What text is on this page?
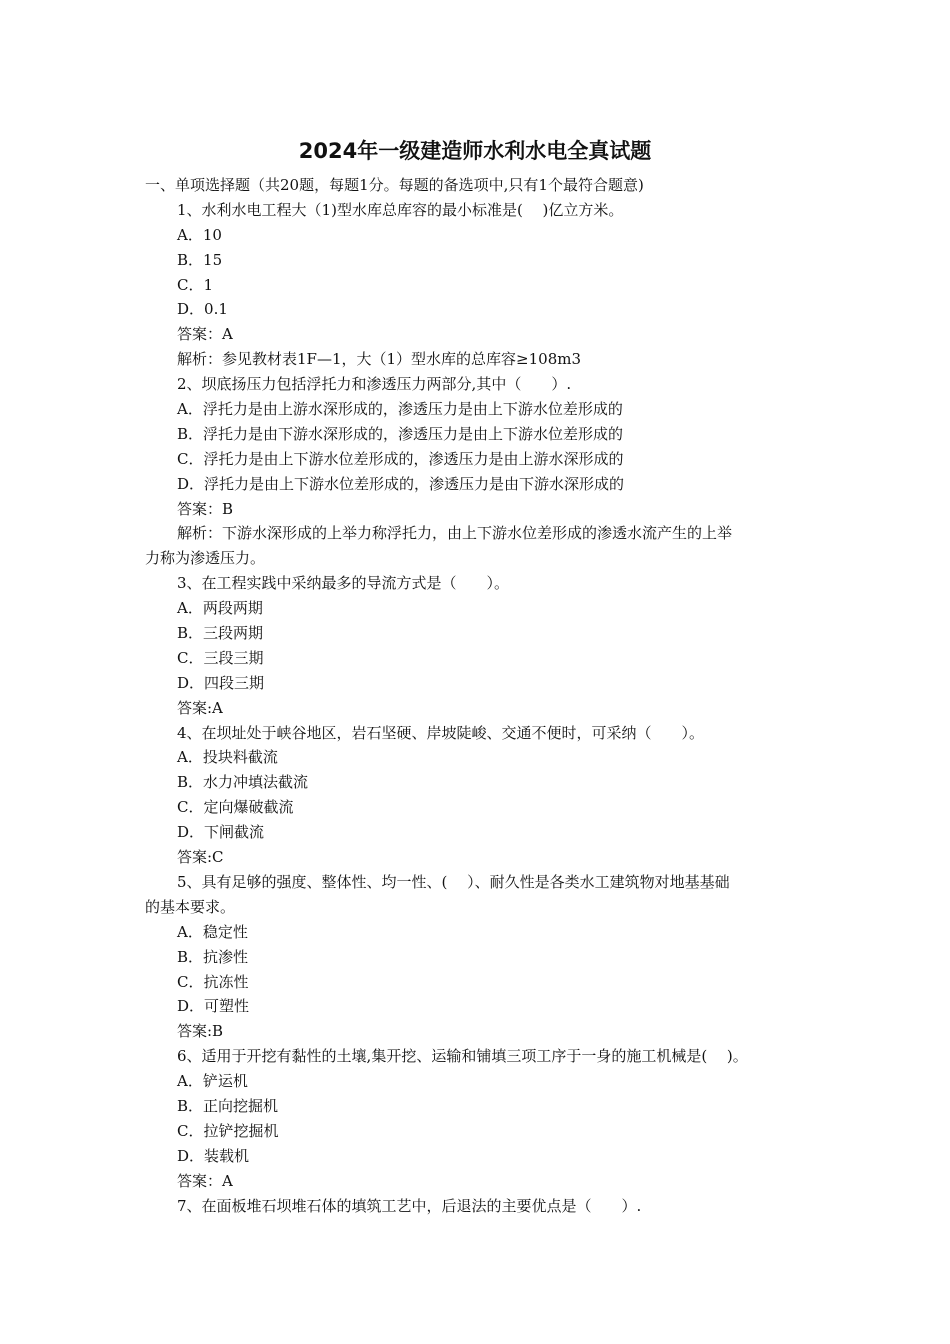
2024年一级建造师水利水电全真试题
一、单项选择题（共20题，每题1分。每题的备选项中,只有1个最符合题意)
1、水利水电工程大（1)型水库总库容的最小标准是(　 )亿立方米。
A．10
B．15
C．1
D．0.1
答案：A
解析：参见教材表1F—1，大（1）型水库的总库容≥108m3
2、坝底扬压力包括浮托力和渗透压力两部分,其中（　　）.
A．浮托力是由上游水深形成的，渗透压力是由上下游水位差形成的
B．浮托力是由下游水深形成的，渗透压力是由上下游水位差形成的
C．浮托力是由上下游水位差形成的，渗透压力是由上游水深形成的
D．浮托力是由上下游水位差形成的，渗透压力是由下游水深形成的
答案：B
解析：下游水深形成的上举力称浮托力，由上下游水位差形成的渗透水流产生的上举
力称为渗透压力。
3、在工程实践中采纳最多的导流方式是（　　）。
A．两段两期
B．三段两期
C．三段三期
D．四段三期
答案:A
4、在坝址处于峡谷地区，岩石坚硬、岸坡陡峻、交通不便时，可采纳（　　）。
A．投块料截流
B．水力冲填法截流
C．定向爆破截流
D．下闸截流
答案:C
5、具有足够的强度、整体性、均一性、(　 ）、耐久性是各类水工建筑物对地基基础
的基本要求。
A．稳定性
B．抗渗性
C．抗冻性
D．可塑性
答案:B
6、适用于开挖有黏性的土壤,集开挖、运输和铺填三项工序于一身的施工机械是(　 )。
A．铲运机
B．正向挖掘机
C．拉铲挖掘机
D．装载机
答案：A
7、在面板堆石坝堆石体的填筑工艺中，后退法的主要优点是（　　）.
